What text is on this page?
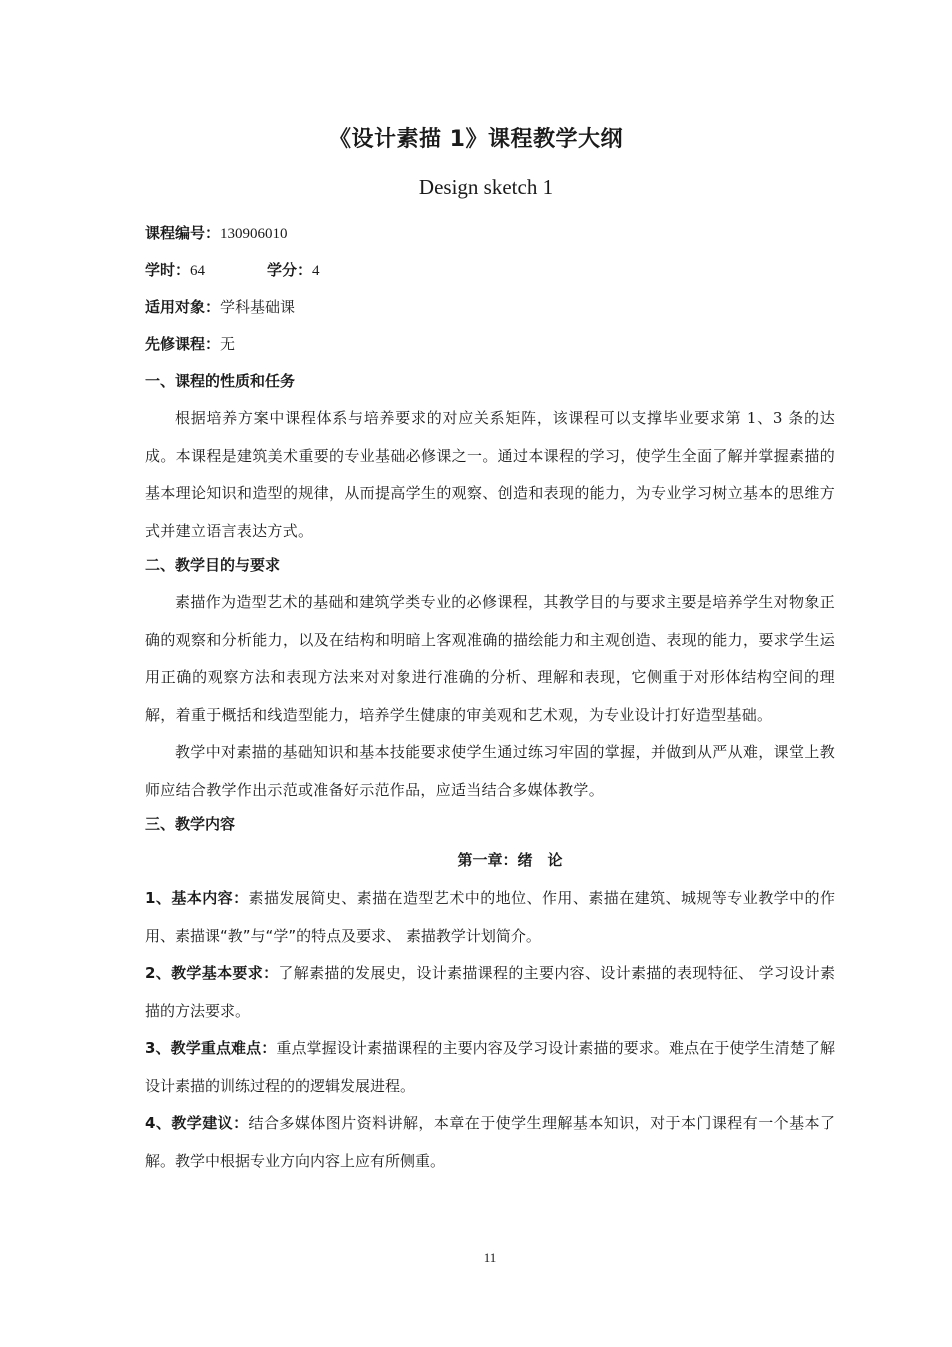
《设计素描 1》课程教学大纲
Design sketch 1
课程编号：130906010
学时：64	学分：4
适用对象：学科基础课
先修课程：无
一、课程的性质和任务

根据培养方案中课程体系与培养要求的对应关系矩阵，该课程可以支撑毕业要求第 1、3 条的达成。本课程是建筑美术重要的专业基础必修课之一。通过本课程的学习，使学生全面了解并掌握素描的基本理论知识和造型的规律，从而提高学生的观察、创造和表现的能力，为专业学习树立基本的思维方式并建立语言表达方式。

二、教学目的与要求

素描作为造型艺术的基础和建筑学类专业的必修课程，其教学目的与要求主要是培养学生对物象正确的观察和分析能力，以及在结构和明暗上客观准确的描绘能力和主观创造、表现的能力，要求学生运用正确的观察方法和表现方法来对对象进行准确的分析、理解和表现，它侧重于对形体结构空间的理解，着重于概括和线造型能力，培养学生健康的审美观和艺术观，为专业设计打好造型基础。

教学中对素描的基础知识和基本技能要求使学生通过练习牢固的掌握，并做到从严从难，课堂上教师应结合教学作出示范或准备好示范作品，应适当结合多媒体教学。

三、教学内容
第一章：绪　论

1、基本内容：素描发展简史、素描在造型艺术中的地位、作用、素描在建筑、城规等专业教学中的作用、素描课“教”与“学”的特点及要求、 素描教学计划简介。

2、教学基本要求：了解素描的发展史，设计素描课程的主要内容、设计素描的表现特征、 学习设计素描的方法要求。

3、教学重点难点：重点掌握设计素描课程的主要内容及学习设计素描的要求。难点在于使学生清楚了解设计素描的训练过程的的逻辑发展进程。

4、教学建议：结合多媒体图片资料讲解，本章在于使学生理解基本知识，对于本门课程有一个基本了解。教学中根据专业方向内容上应有所侧重。

11
